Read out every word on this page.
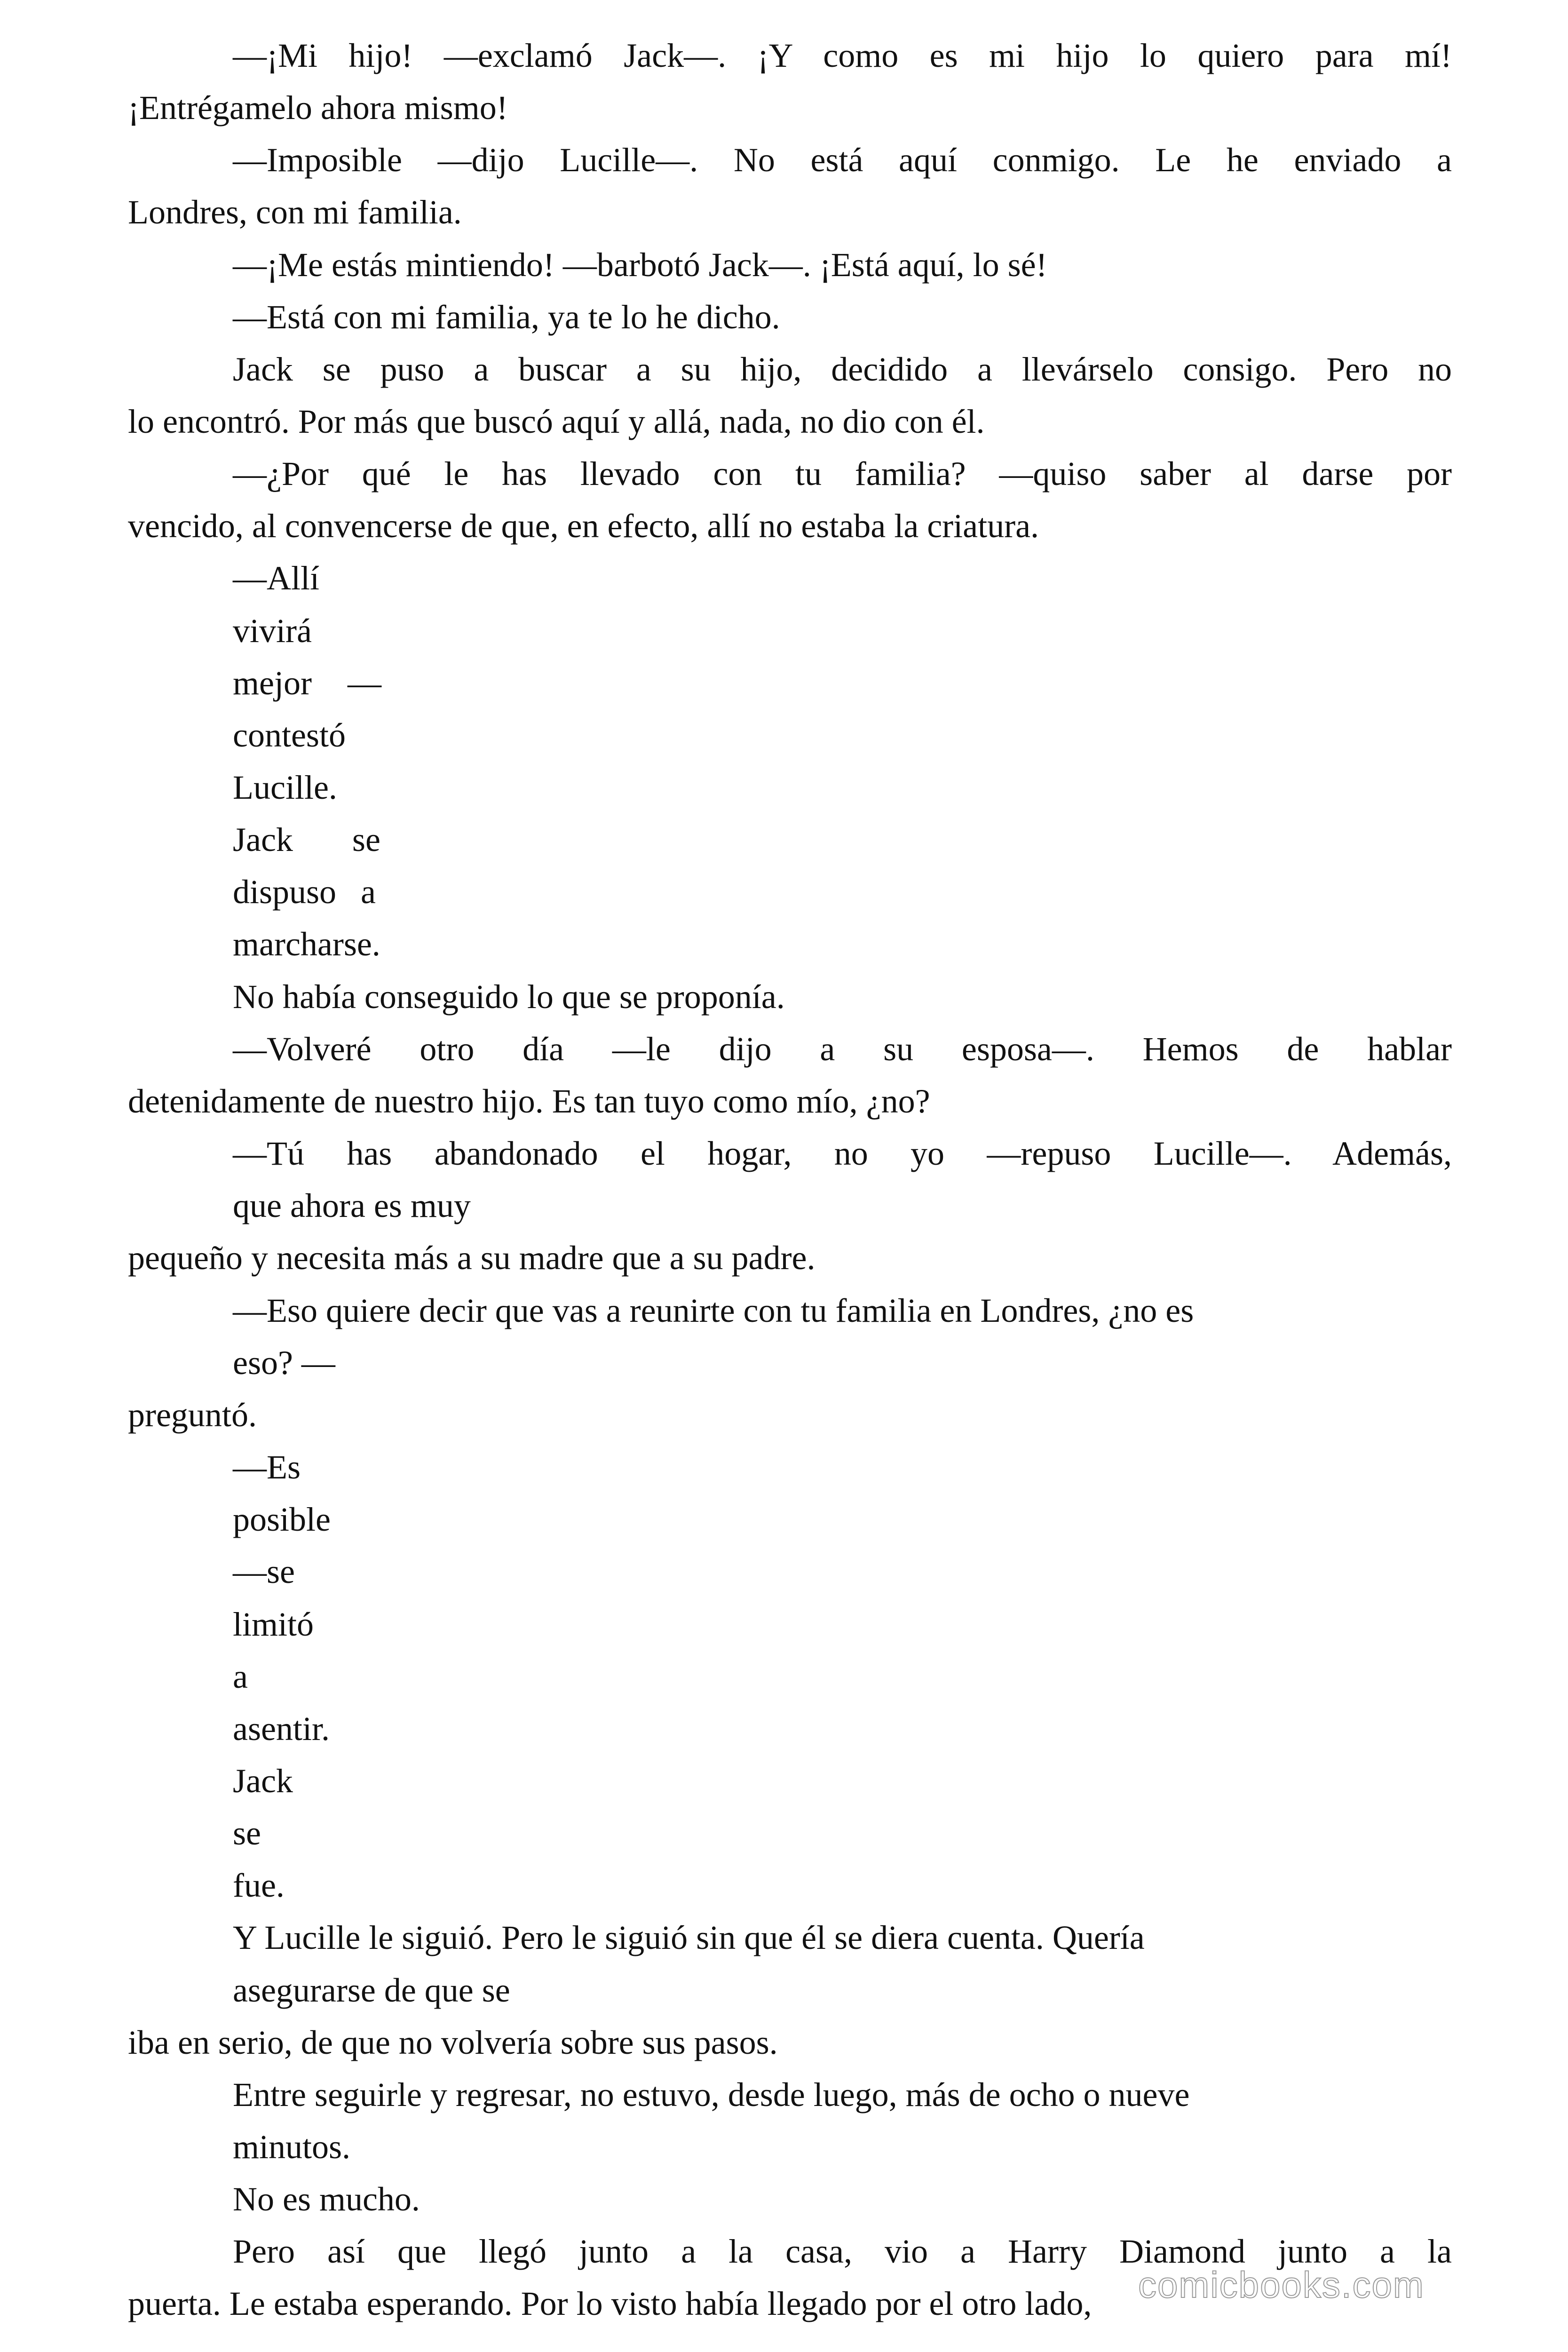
—¡Mi hijo! —exclamó Jack—. ¡Y como es mi hijo lo quiero para mí!
¡Entrégamelo ahora mismo!
—Imposible —dijo Lucille—. No está aquí conmigo. Le he enviado a
Londres, con mi familia.
—¡Me estás mintiendo! —barbotó Jack—. ¡Está aquí, lo sé!
—Está con mi familia, ya te lo he dicho.
Jack se puso a buscar a su hijo, decidido a llevárselo consigo. Pero no
lo encontró. Por más que buscó aquí y allá, nada, no dio con él.
—¿Por qué le has llevado con tu familia? —quiso saber al darse por
vencido, al convencerse de que, en efecto, allí no estaba la criatura.
—Allí
vivirá
mejor —
contestó
Lucille.
Jack se
dispuso a
marcharse.
No había conseguido lo que se proponía.
—Volveré otro día —le dijo a su esposa—. Hemos de hablar
detenidamente de nuestro hijo. Es tan tuyo como mío, ¿no?
—Tú has abandonado el hogar, no yo —repuso Lucille—. Además,
que ahora es muy
pequeño y necesita más a su madre que a su padre.
—Eso quiere decir que vas a reunirte con tu familia en Londres, ¿no es
eso? —
preguntó.
—Es
posible
—se
limitó
a
asentir.
Jack
se
fue.
Y Lucille le siguió. Pero le siguió sin que él se diera cuenta. Quería
asegurarse de que se
iba en serio, de que no volvería sobre sus pasos.
Entre seguirle y regresar, no estuvo, desde luego, más de ocho o nueve
minutos.
No es mucho.
Pero así que llegó junto a la casa, vio a Harry Diamond junto a la
puerta. Le estaba esperando. Por lo visto había llegado por el otro lado, comicbooks.com
